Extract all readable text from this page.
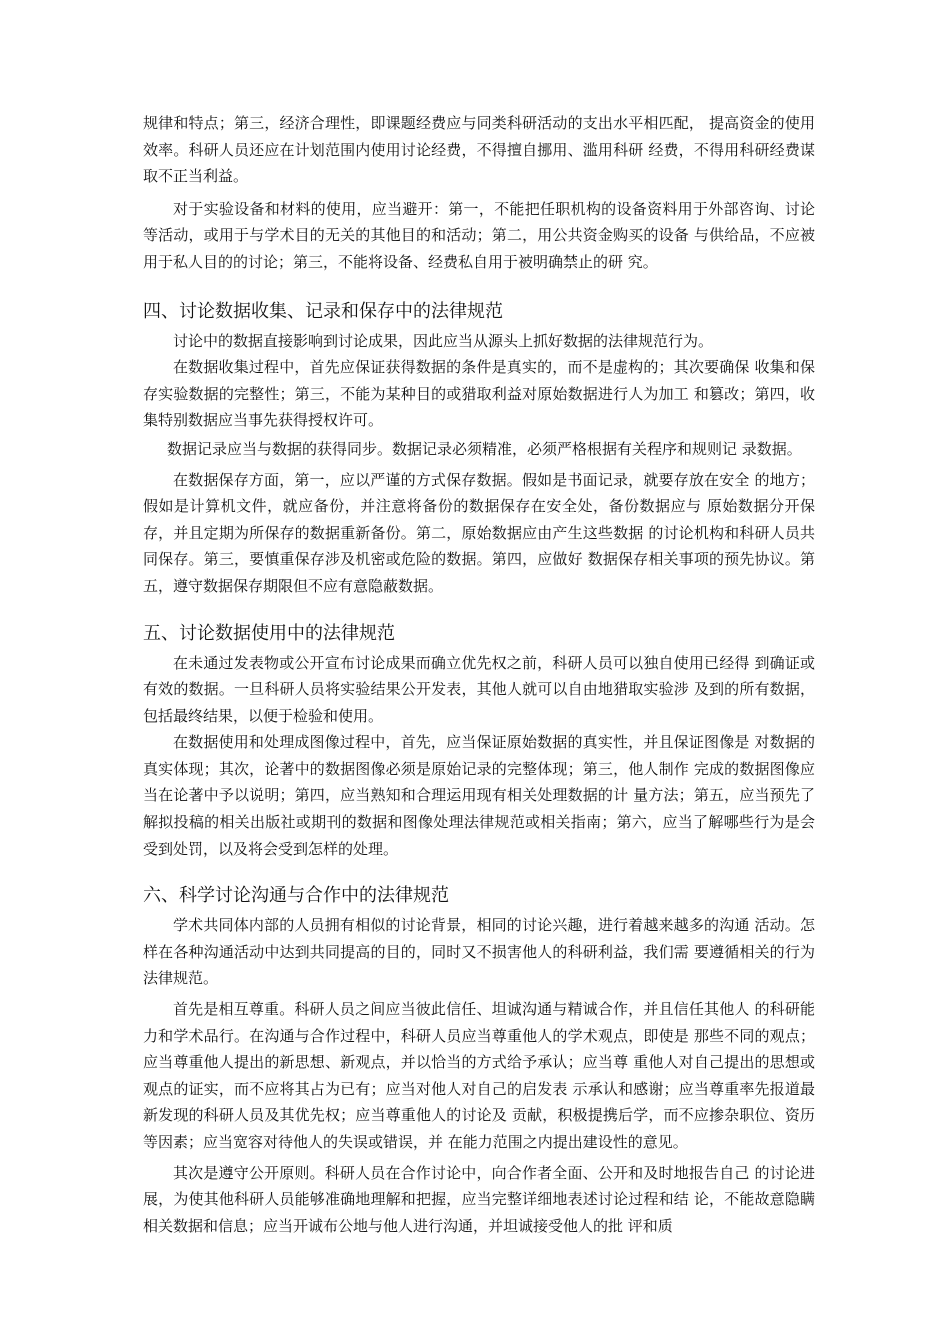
规律和特点；第三，经济合理性，即课题经费应与同类科研活动的支出水平相匹配， 提高资金的使用效率。科研人员还应在计划范围内使用讨论经费，不得擅自挪用、滥用科研 经费，不得用科研经费谋取不正当利益。

对于实验设备和材料的使用，应当避开：第一，不能把任职机构的设备资料用于外部咨询、讨论等活动，或用于与学术目的无关的其他目的和活动；第二，用公共资金购买的设备 与供给品，不应被用于私人目的的讨论；第三，不能将设备、经费私自用于被明确禁止的研 究。

四、讨论数据收集、记录和保存中的法律规范

讨论中的数据直接影响到讨论成果，因此应当从源头上抓好数据的法律规范行为。

在数据收集过程中，首先应保证获得数据的条件是真实的，而不是虚构的；其次要确保 收集和保存实验数据的完整性；第三，不能为某种目的或猎取利益对原始数据进行人为加工 和篡改；第四，收集特别数据应当事先获得授权许可。

数据记录应当与数据的获得同步。数据记录必须精准，必须严格根据有关程序和规则记 录数据。

在数据保存方面，第一，应以严谨的方式保存数据。假如是书面记录，就要存放在安全 的地方；假如是计算机文件，就应备份，并注意将备份的数据保存在安全处，备份数据应与 原始数据分开保存，并且定期为所保存的数据重新备份。第二，原始数据应由产生这些数据 的讨论机构和科研人员共同保存。第三，要慎重保存涉及机密或危险的数据。第四，应做好 数据保存相关事项的预先协议。第五，遵守数据保存期限但不应有意隐蔽数据。

五、讨论数据使用中的法律规范

在未通过发表物或公开宣布讨论成果而确立优先权之前，科研人员可以独自使用已经得 到确证或有效的数据。一旦科研人员将实验结果公开发表，其他人就可以自由地猎取实验涉 及到的所有数据，包括最终结果，以便于检验和使用。

在数据使用和处理成图像过程中，首先，应当保证原始数据的真实性，并且保证图像是 对数据的真实体现；其次，论著中的数据图像必须是原始记录的完整体现；第三，他人制作 完成的数据图像应当在论著中予以说明；第四，应当熟知和合理运用现有相关处理数据的计 量方法；第五，应当预先了解拟投稿的相关出版社或期刊的数据和图像处理法律规范或相关指南；第六，应当了解哪些行为是会受到处罚，以及将会受到怎样的处理。

六、科学讨论沟通与合作中的法律规范

学术共同体内部的人员拥有相似的讨论背景，相同的讨论兴趣，进行着越来越多的沟通 活动。怎样在各种沟通活动中达到共同提高的目的，同时又不损害他人的科研利益，我们需 要遵循相关的行为法律规范。

首先是相互尊重。科研人员之间应当彼此信任、坦诚沟通与精诚合作，并且信任其他人 的科研能力和学术品行。在沟通与合作过程中，科研人员应当尊重他人的学术观点，即使是 那些不同的观点；应当尊重他人提出的新思想、新观点，并以恰当的方式给予承认；应当尊 重他人对自己提出的思想或观点的证实，而不应将其占为已有；应当对他人对自己的启发表 示承认和感谢；应当尊重率先报道最新发现的科研人员及其优先权；应当尊重他人的讨论及 贡献，积极提携后学，而不应掺杂职位、资历等因素；应当宽容对待他人的失误或错误，并 在能力范围之内提出建设性的意见。

其次是遵守公开原则。科研人员在合作讨论中，向合作者全面、公开和及时地报告自己 的讨论进展，为使其他科研人员能够准确地理解和把握，应当完整详细地表述讨论过程和结 论，不能故意隐瞒相关数据和信息；应当开诚布公地与他人进行沟通，并坦诚接受他人的批 评和质
